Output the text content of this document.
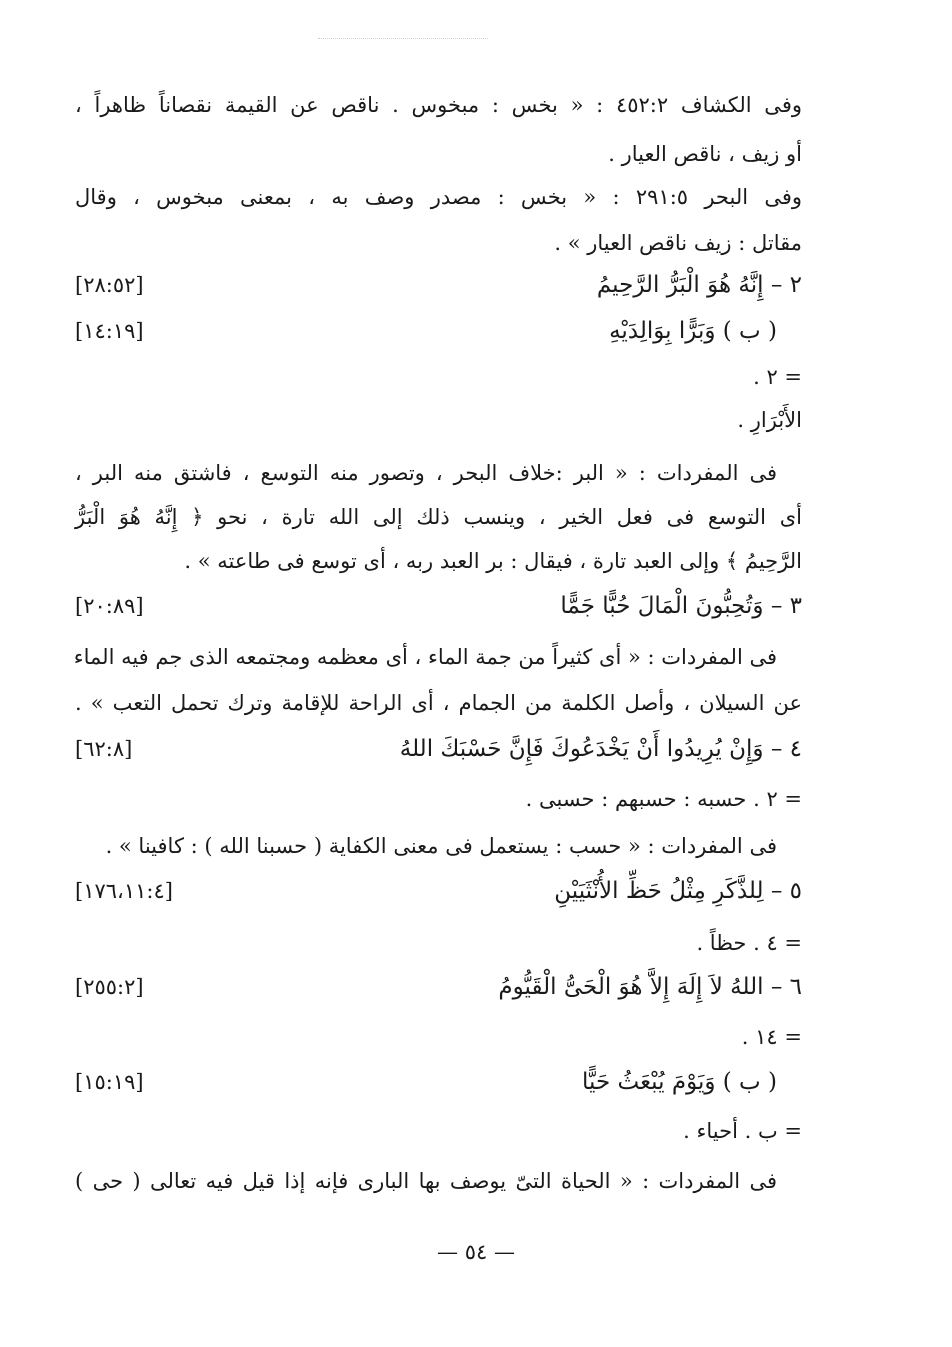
وفى الكشاف ٤٥٢:٢ : « بخس : مبخوس . ناقص عن القيمة نقصاناً ظاهراً ،
أو زيف ، ناقص العيار .
وفى البحر ٢٩١:٥ : « بخس : مصدر وصف به ، بمعنى مبخوس ، وقال
مقاتل : زيف ناقص العيار » .
٢ – إِنَّهُ هُوَ الْبَرُّ الرَّحِيمُ
[٢٨:٥٢]
( ب ) وَبَرًّا بِوَالِدَيْهِ
[١٤:١٩]
= ٢ .
الأَبْرَارِ .
فى المفردات : « البر :خلاف البحر ، وتصور منه التوسع ، فاشتق منه البر ،
أى التوسع فى فعل الخير ، وينسب ذلك إلى الله تارة ، نحو ﴿ إِنَّهُ هُوَ الْبَرُّ
الرَّحِيمُ ﴾ وإلى العبد تارة ، فيقال : بر العبد ربه ، أى توسع فى طاعته » .
٣ – وَتُحِبُّونَ الْمَالَ حُبًّا جَمًّا
[٢٠:٨٩]
فى المفردات : « أى كثيراً من جمة الماء ، أى معظمه ومجتمعه الذى جم فيه الماء
عن السيلان ، وأصل الكلمة من الجمام ، أى الراحة للإقامة وترك تحمل التعب » .
٤ – وَإِنْ يُرِيدُوا أَنْ يَخْدَعُوكَ فَإِنَّ حَسْبَكَ اللهُ
[٦٢:٨]
= ٢ . حسبه : حسبهم : حسبى .
فى المفردات : « حسب : يستعمل فى معنى الكفاية ( حسبنا الله ) : كافينا » .
٥ – لِلذَّكَرِ مِثْلُ حَظِّ الأُنْثَيَيْنِ
[١٧٦،١١:٤]
= ٤ . حظاً .
٦ – اللهُ لاَ إِلَهَ إِلاَّ هُوَ الْحَىُّ الْقَيُّومُ
[٢٥٥:٢]
= ١٤ .
( ب ) وَيَوْمَ يُبْعَثُ حَيًّا
[١٥:١٩]
= ب . أحياء .
فى المفردات : « الحياة التىّ يوصف بها البارى فإنه إذا قيل فيه تعالى ( حى )
— ٥٤ —
